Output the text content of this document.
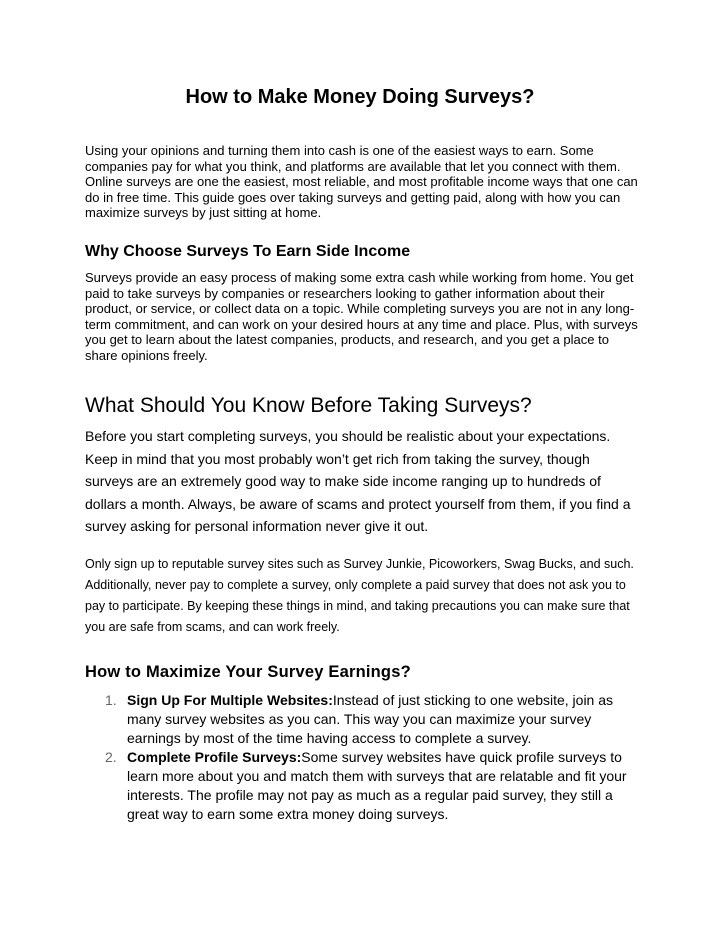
How to Make Money Doing Surveys?

Using your opinions and turning them into cash is one of the easiest ways to earn. Some companies pay for what you think, and platforms are available that let you connect with them. Online surveys are one the easiest, most reliable, and most profitable income ways that one can do in free time. This guide goes over taking surveys and getting paid, along with how you can maximize surveys by just sitting at home.

Why Choose Surveys To Earn Side Income

Surveys provide an easy process of making some extra cash while working from home. You get paid to take surveys by companies or researchers looking to gather information about their product, or service, or collect data on a topic. While completing surveys you are not in any long-term commitment, and can work on your desired hours at any time and place. Plus, with surveys you get to learn about the latest companies, products, and research, and you get a place to share opinions freely.

What Should You Know Before Taking Surveys?

Before you start completing surveys, you should be realistic about your expectations. Keep in mind that you most probably won’t get rich from taking the survey, though surveys are an extremely good way to make side income ranging up to hundreds of dollars a month. Always, be aware of scams and protect yourself from them, if you find a survey asking for personal information never give it out.

Only sign up to reputable survey sites such as Survey Junkie, Picoworkers, Swag Bucks, and such. Additionally, never pay to complete a survey, only complete a paid survey that does not ask you to pay to participate. By keeping these things in mind, and taking precautions you can make sure that you are safe from scams, and can work freely.

How to Maximize Your Survey Earnings?
1. Sign Up For Multiple Websites:Instead of just sticking to one website, join as many survey websites as you can. This way you can maximize your survey earnings by most of the time having access to complete a survey.
2. Complete Profile Surveys:Some survey websites have quick profile surveys to learn more about you and match them with surveys that are relatable and fit your interests. The profile may not pay as much as a regular paid survey, they still a great way to earn some extra money doing surveys.
